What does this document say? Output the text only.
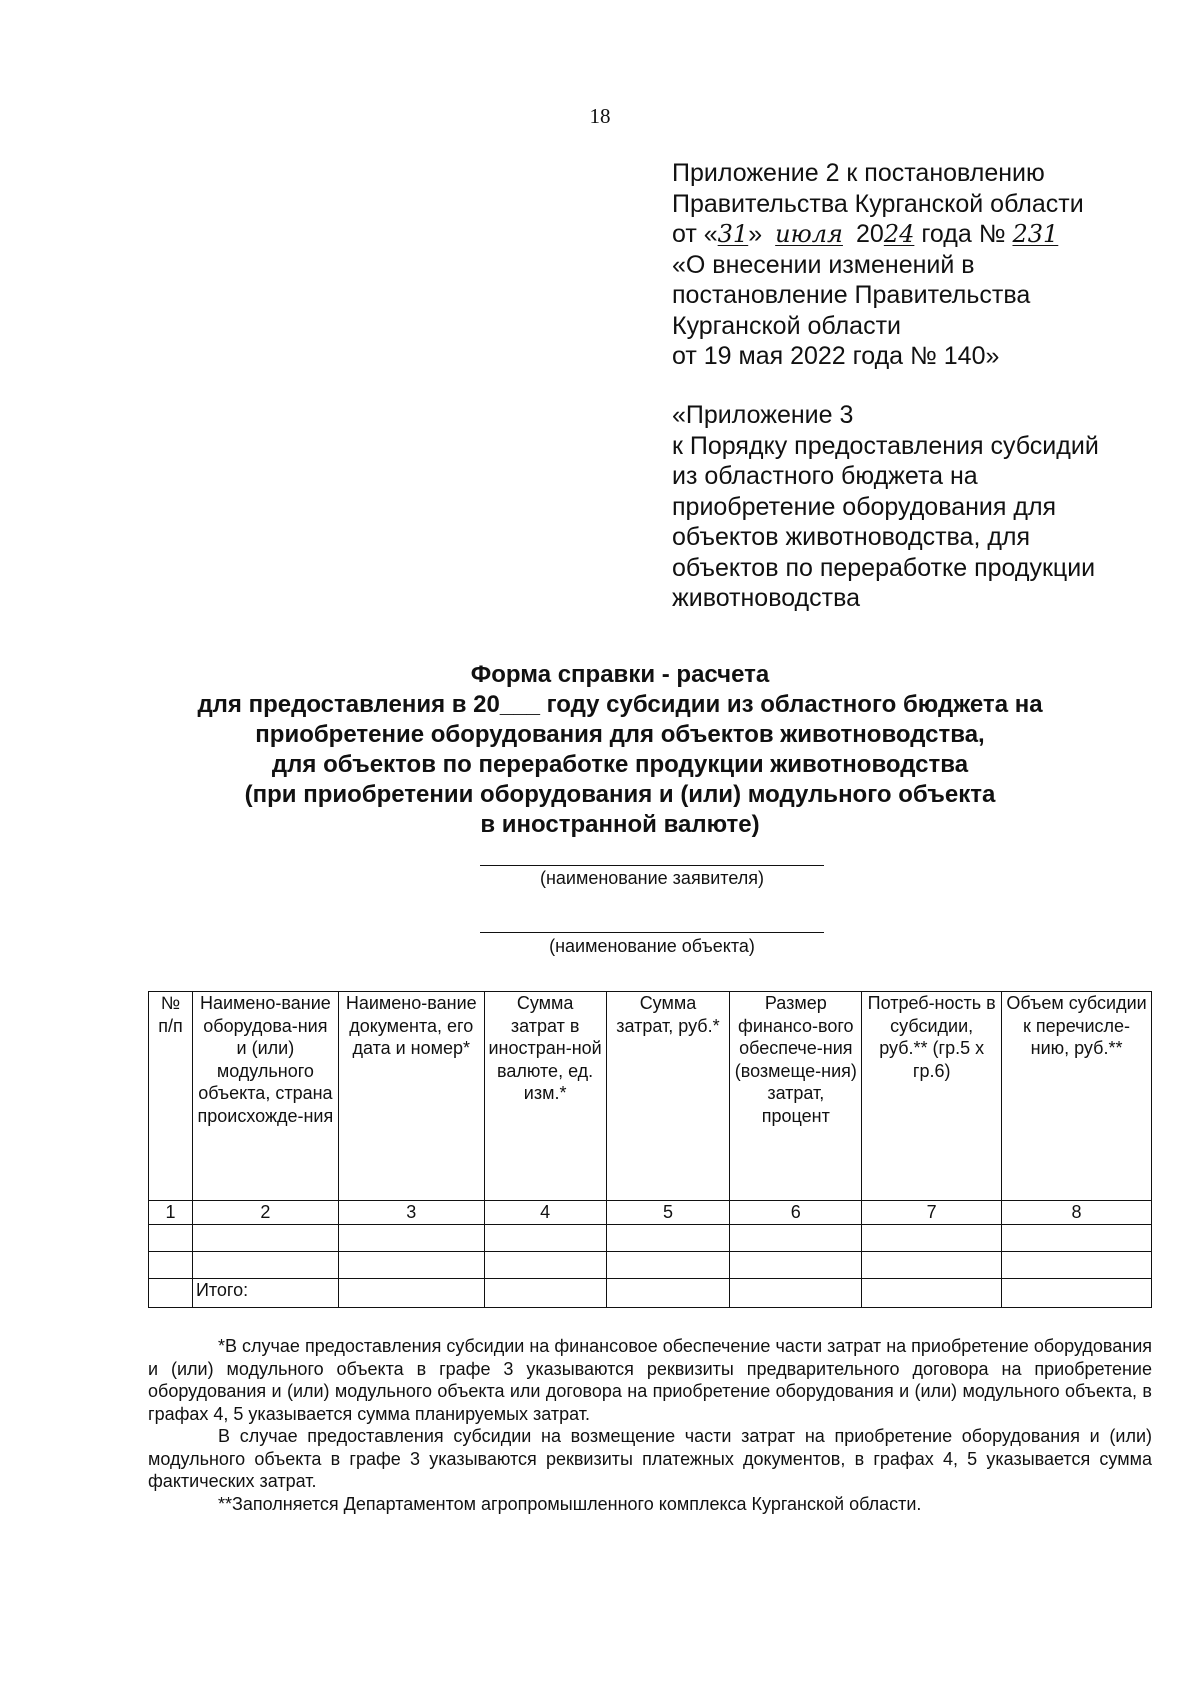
18
Приложение 2 к постановлению
Правительства Курганской области
от «31» июля 2024 года № 231
«О внесении изменений в
постановление Правительства
Курганской области
от 19 мая 2022 года № 140»
«Приложение 3
к Порядку предоставления субсидий
из областного бюджета на
приобретение оборудования для
объектов животноводства, для
объектов по переработке продукции
животноводства
Форма справки - расчета
для предоставления в 20___ году субсидии из областного бюджета на
приобретение оборудования для объектов животноводства,
для объектов по переработке продукции животноводства
(при приобретении оборудования и (или) модульного объекта
в иностранной валюте)
(наименование заявителя)
(наименование объекта)
№ п/п	Наимено-вание оборудова-ния и (или) модульного объекта, страна происхожде-ния	Наимено-вание документа, его дата и номер*	Сумма затрат в иностран-ной валюте, ед. изм.*	Сумма затрат, руб.*	Размер финансо-вого обеспече-ния (возмеще-ния) затрат, процент	Потреб-ность в субсидии, руб.** (гр.5 х гр.6)	Объем субсидии к перечисле-нию, руб.**
1	2	3	4	5	6	7	8

	Итого:						

*В случае предоставления субсидии на финансовое обеспечение части затрат на приобретение оборудования и (или) модульного объекта в графе 3 указываются реквизиты предварительного договора на приобретение оборудования и (или) модульного объекта или договора на приобретение оборудования и (или) модульного объекта, в графах 4, 5 указывается сумма планируемых затрат.

В случае предоставления субсидии на возмещение части затрат на приобретение оборудования и (или) модульного объекта в графе 3 указываются реквизиты платежных документов, в графах 4, 5 указывается сумма фактических затрат.

**Заполняется Департаментом агропромышленного комплекса Курганской области.
